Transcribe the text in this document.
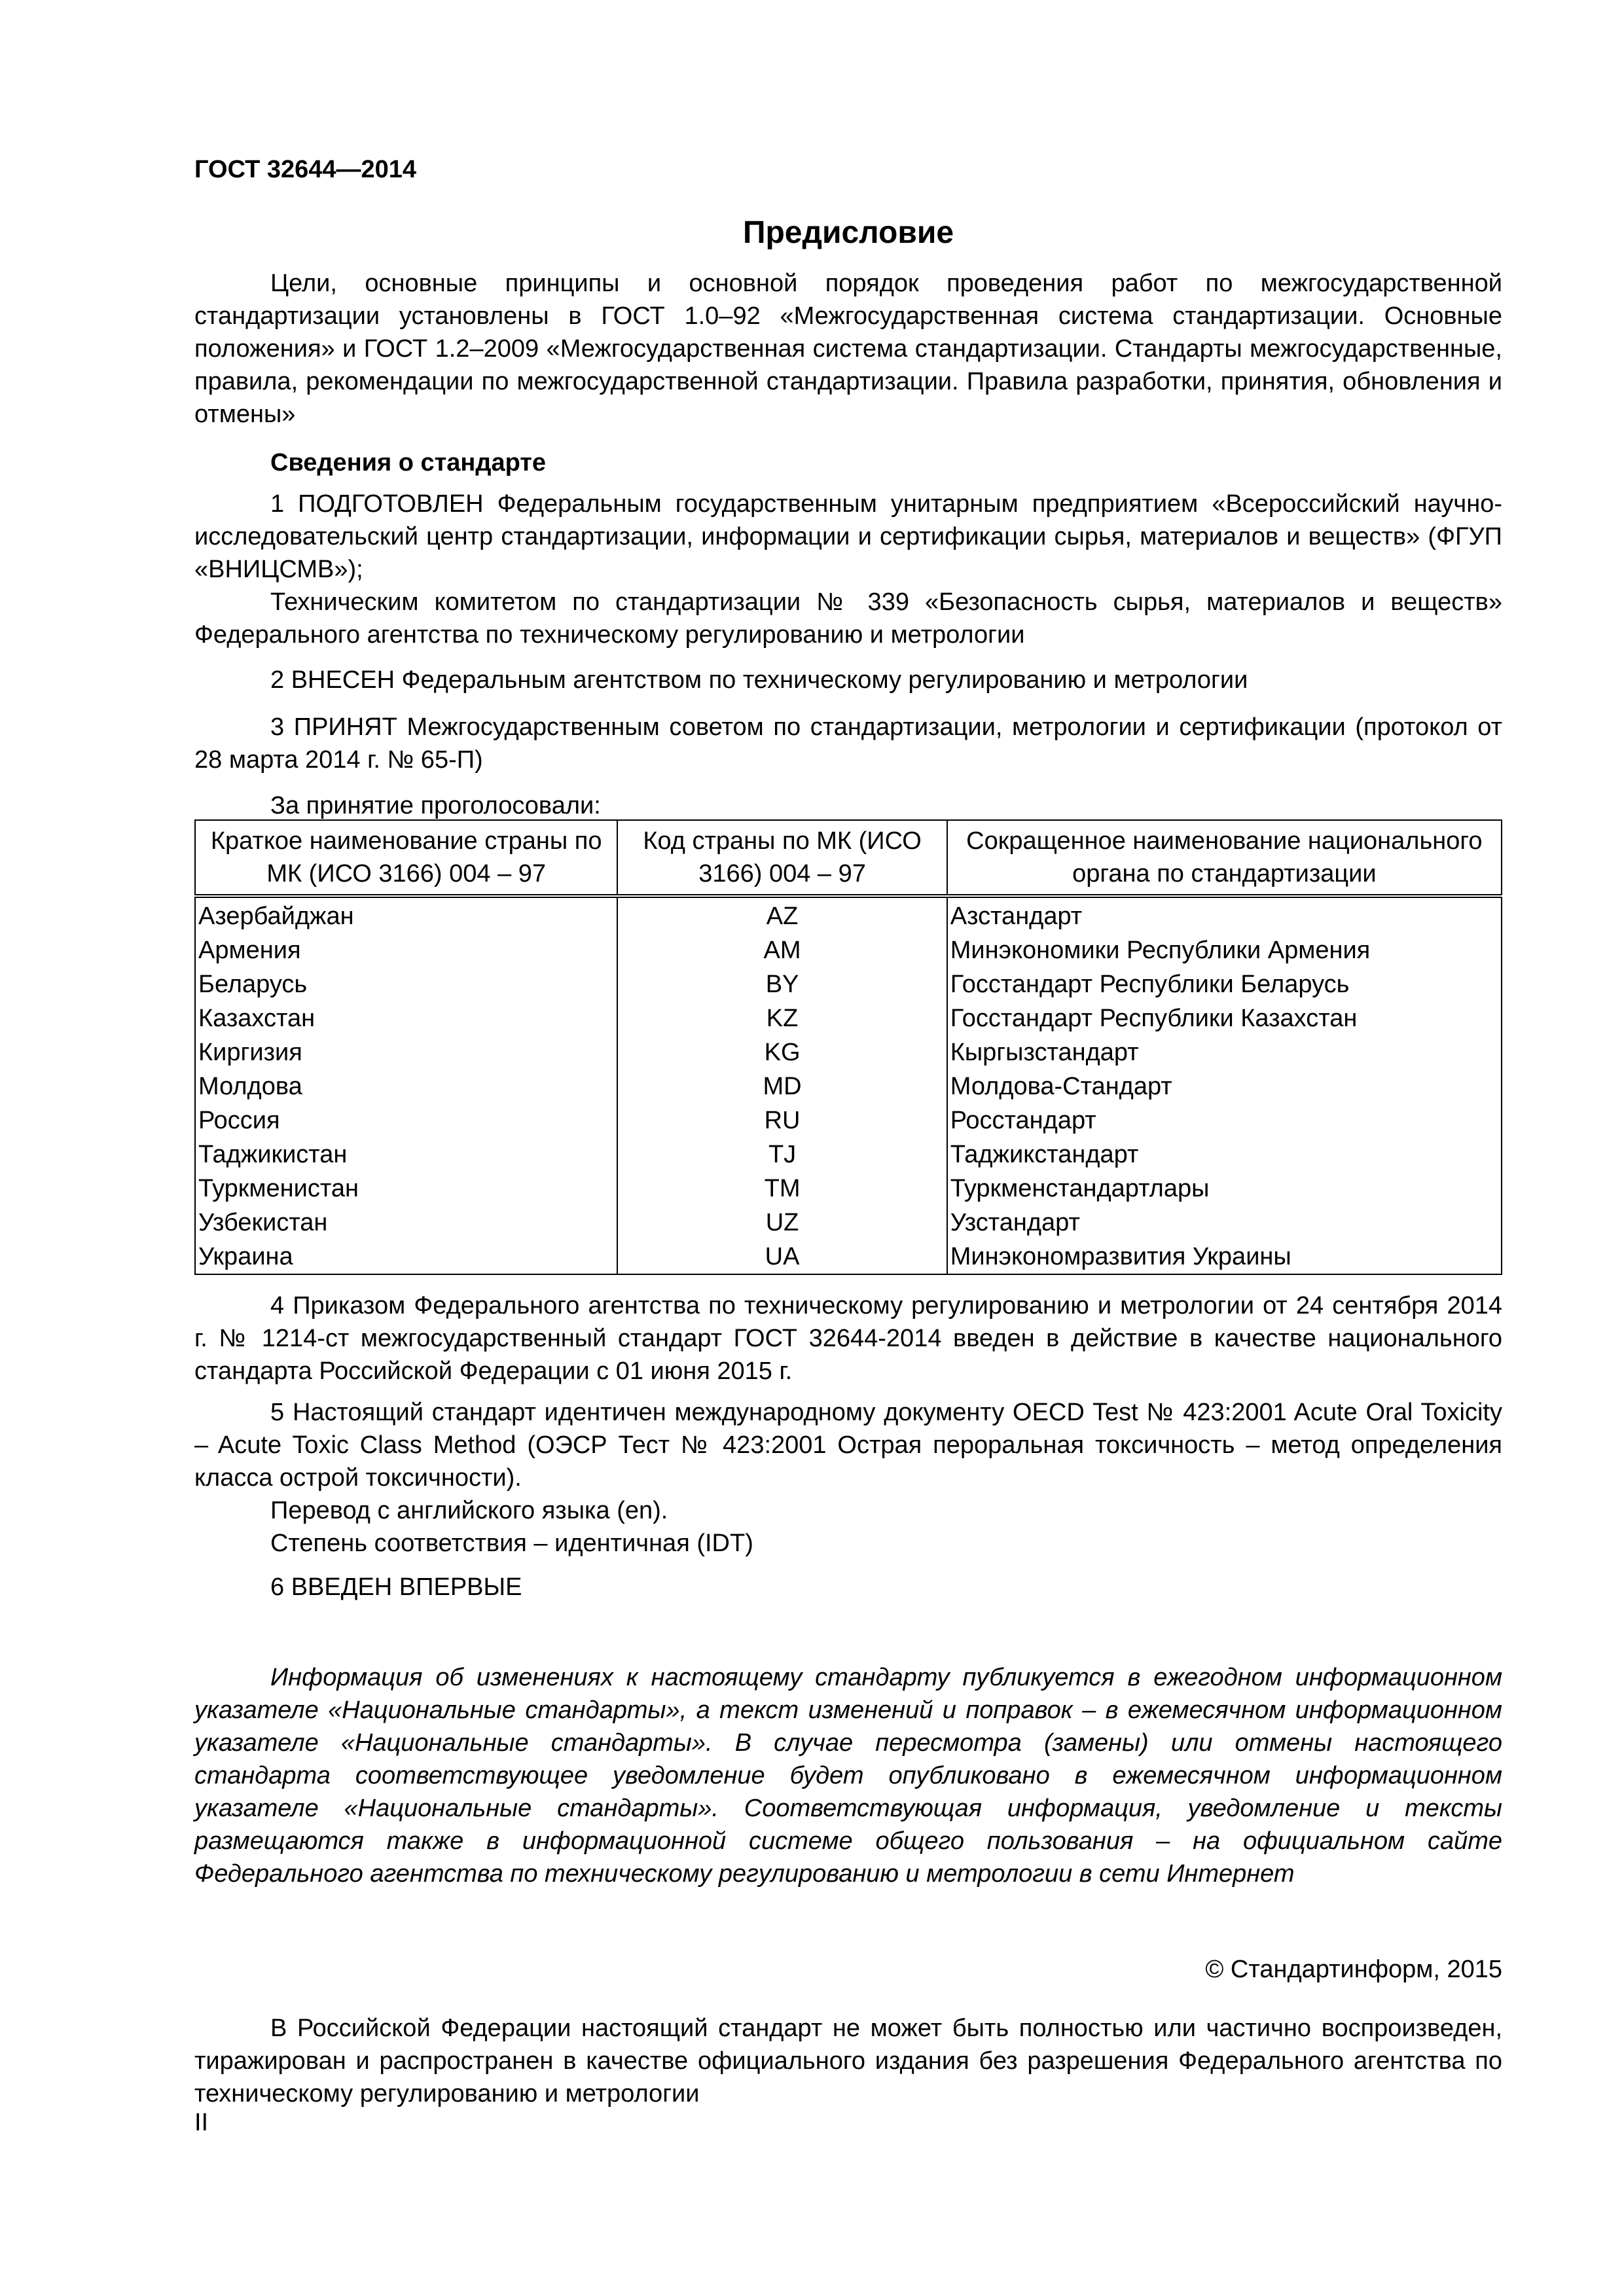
ГОСТ 32644—2014
Предисловие

Цели, основные принципы и основной порядок проведения работ по межгосударственной стандартизации установлены в ГОСТ 1.0–92 «Межгосударственная система стандартизации. Основные положения» и ГОСТ 1.2–2009 «Межгосударственная система стандартизации. Стандарты межгосударственные, правила, рекомендации по межгосударственной стандартизации. Правила разработки, принятия, обновления и отмены»

Сведения о стандарте

1 ПОДГОТОВЛЕН Федеральным государственным унитарным предприятием «Всероссийский научно-исследовательский центр стандартизации, информации и сертификации сырья, материалов и веществ» (ФГУП «ВНИЦСМВ»);

Техническим комитетом по стандартизации № 339 «Безопасность сырья, материалов и веществ» Федерального агентства по техническому регулированию и метрологии

2 ВНЕСЕН Федеральным агентством по техническому регулированию и метрологии

3 ПРИНЯТ Межгосударственным советом по стандартизации, метрологии и сертификации (протокол от 28 марта 2014 г. № 65-П)

За принятие проголосовали:

Краткое наименование страны по МК (ИСО 3166) 004 – 97	Код страны по МК (ИСО 3166) 004 – 97	Сокращенное наименование национального органа по стандартизации
Азербайджан	AZ	Азстандарт
Армения	AM	Минэкономики Республики Армения
Беларусь	BY	Госстандарт Республики Беларусь
Казахстан	KZ	Госстандарт Республики Казахстан
Киргизия	KG	Кыргызстандарт
Молдова	MD	Молдова-Стандарт
Россия	RU	Росстандарт
Таджикистан	TJ	Таджикстандарт
Туркменистан	TM	Туркменстандартлары
Узбекистан	UZ	Узстандарт
Украина	UA	Минэкономразвития Украины

4 Приказом Федерального агентства по техническому регулированию и метрологии от 24 сентября 2014 г. № 1214-ст межгосударственный стандарт ГОСТ 32644-2014 введен в действие в качестве национального стандарта Российской Федерации с 01 июня 2015 г.

5 Настоящий стандарт идентичен международному документу OECD Test № 423:2001 Acute Oral Toxicity – Acute Toxic Class Method (ОЭСР Тест № 423:2001 Острая пероральная токсичность – метод определения класса острой токсичности).

Перевод с английского языка (en).

Степень соответствия – идентичная (IDT)

6 ВВЕДЕН ВПЕРВЫЕ

Информация об изменениях к настоящему стандарту публикуется в ежегодном информационном указателе «Национальные стандарты», а текст изменений и поправок – в ежемесячном информационном указателе «Национальные стандарты». В случае пересмотра (замены) или отмены настоящего стандарта соответствующее уведомление будет опубликовано в ежемесячном информационном указателе «Национальные стандарты». Соответствующая информация, уведомление и тексты размещаются также в информационной системе общего пользования – на официальном сайте Федерального агентства по техническому регулированию и метрологии в сети Интернет

© Стандартинформ, 2015

В Российской Федерации настоящий стандарт не может быть полностью или частично воспроизведен, тиражирован и распространен в качестве официального издания без разрешения Федерального агентства по техническому регулированию и метрологии

II
